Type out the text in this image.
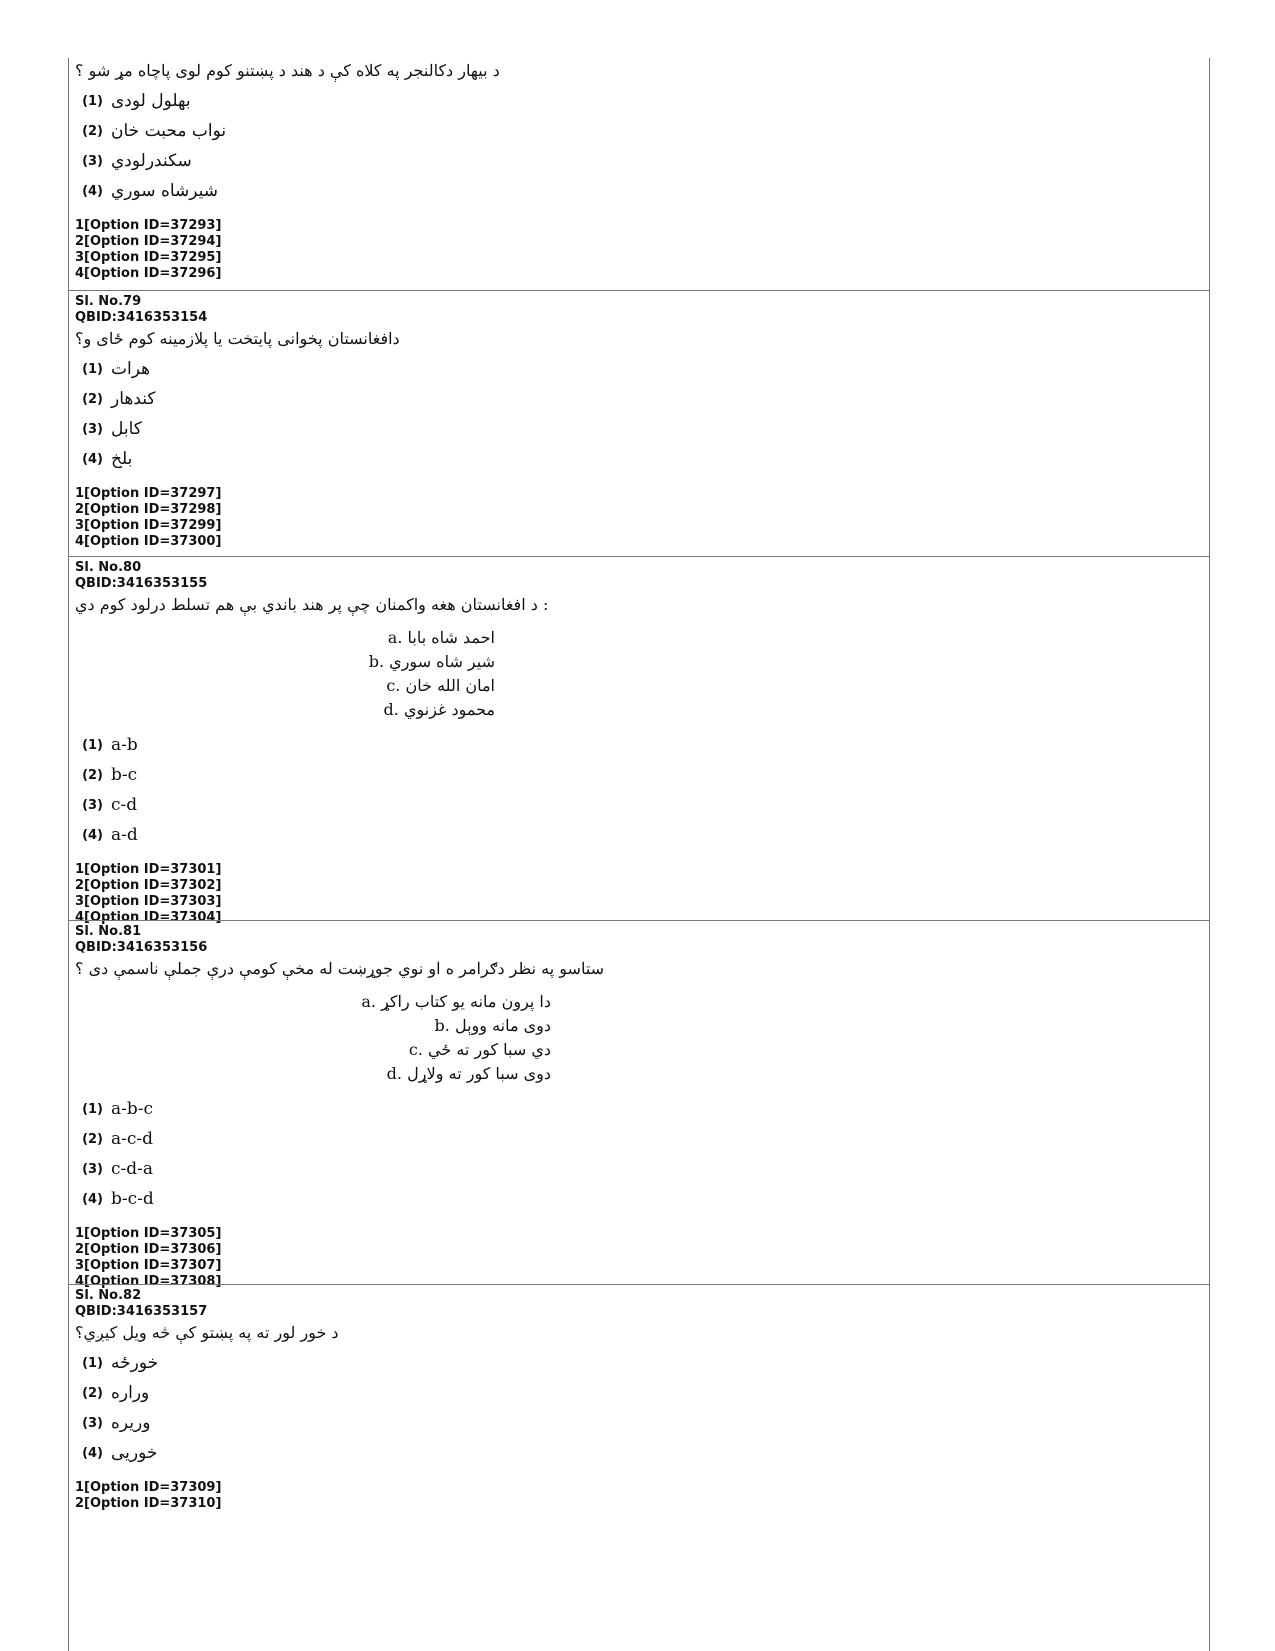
د بیهار دکالنجر په کلاه کې د هند د پښتنو کوم لوی پاچاه مړ شو ؟
(1) بهلول لودی
(2) نواب محبت خان
(3) سکندرلودي
(4) شیرشاه سوري
1[Option ID=37293]
2[Option ID=37294]
3[Option ID=37295]
4[Option ID=37296]
Sl. No.79
QBID:3416353154
دافغانستان پخوانی پایتخت یا پلازمینه کوم ځای و؟
(1) هرات
(2) کندهار
(3) کابل
(4) بلخ
1[Option ID=37297]
2[Option ID=37298]
3[Option ID=37299]
4[Option ID=37300]
Sl. No.80
QBID:3416353155
د افغانستان هغه واکمنان چې پر هند باندي بې هم تسلط درلود کوم دي :
a. احمد شاه بابا
b. شیر شاه سوري
c. امان الله خان
d. محمود غزنوي
(1) a-b
(2) b-c
(3) c-d
(4) a-d
1[Option ID=37301]
2[Option ID=37302]
3[Option ID=37303]
4[Option ID=37304]
Sl. No.81
QBID:3416353156
ستاسو په نظر دګرامر ه او نوي جوړښت له مخې کومې درې جملې ناسمې دی ؟
a. دا پرون مانه یو کتاب راکړ
b. دوی مانه ووېل
c. دي سبا کور ته ځي
d. دوی سبا کور ته ولاړل
(1) a-b-c
(2) a-c-d
(3) c-d-a
(4) b-c-d
1[Option ID=37305]
2[Option ID=37306]
3[Option ID=37307]
4[Option ID=37308]
Sl. No.82
QBID:3416353157
د خور لور ته په پښتو کې څه ویل کیږي؟
(1) خورځه
(2) وراره
(3) وریره
(4) خوریی
1[Option ID=37309]
2[Option ID=37310]
